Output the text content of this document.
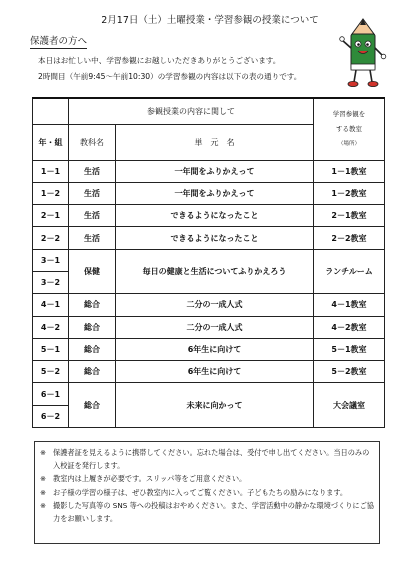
2月17日（土）土曜授業・学習参観の授業について
保護者の方へ
本日はお忙しい中、学習参観にお越しいただきありがとうございます。
2時間目（午前9:45～午前10:30）の学習参観の内容は以下の表の通りです。
	参観授業の内容に関して		学習参観を
する教室
（場所）

年・組	教科名	単　元　名	
1－1	生活	一年間をふりかえって	1－1教室
1－2	生活	一年間をふりかえって	1－2教室
2－1	生活	できるようになったこと	2－1教室
2－2	生活	できるようになったこと	2－2教室
3－1	保健	毎日の健康と生活についてふりかえろう	ランチルーム
3－2			
4－1	総合	二分の一成人式	4－1教室
4－2	総合	二分の一成人式	4－2教室
5－1	総合	6年生に向けて	5－1教室
5－2	総合	6年生に向けて	5－2教室
6－1	総合	未来に向かって	大会議室
6－2			
※ 保護者証を見えるように携帯してください。忘れた場合は、受付で申し出てください。当日のみの入校証を発行します。
※ 教室内は上履きが必要です。スリッパ等をご用意ください。
※ お子様の学習の様子は、ぜひ教室内に入ってご覧ください。子どもたちの励みになります。
※ 撮影した写真等の SNS 等への投稿はおやめください。また、学習活動中の静かな環境づくりにご協力をお願いします。
